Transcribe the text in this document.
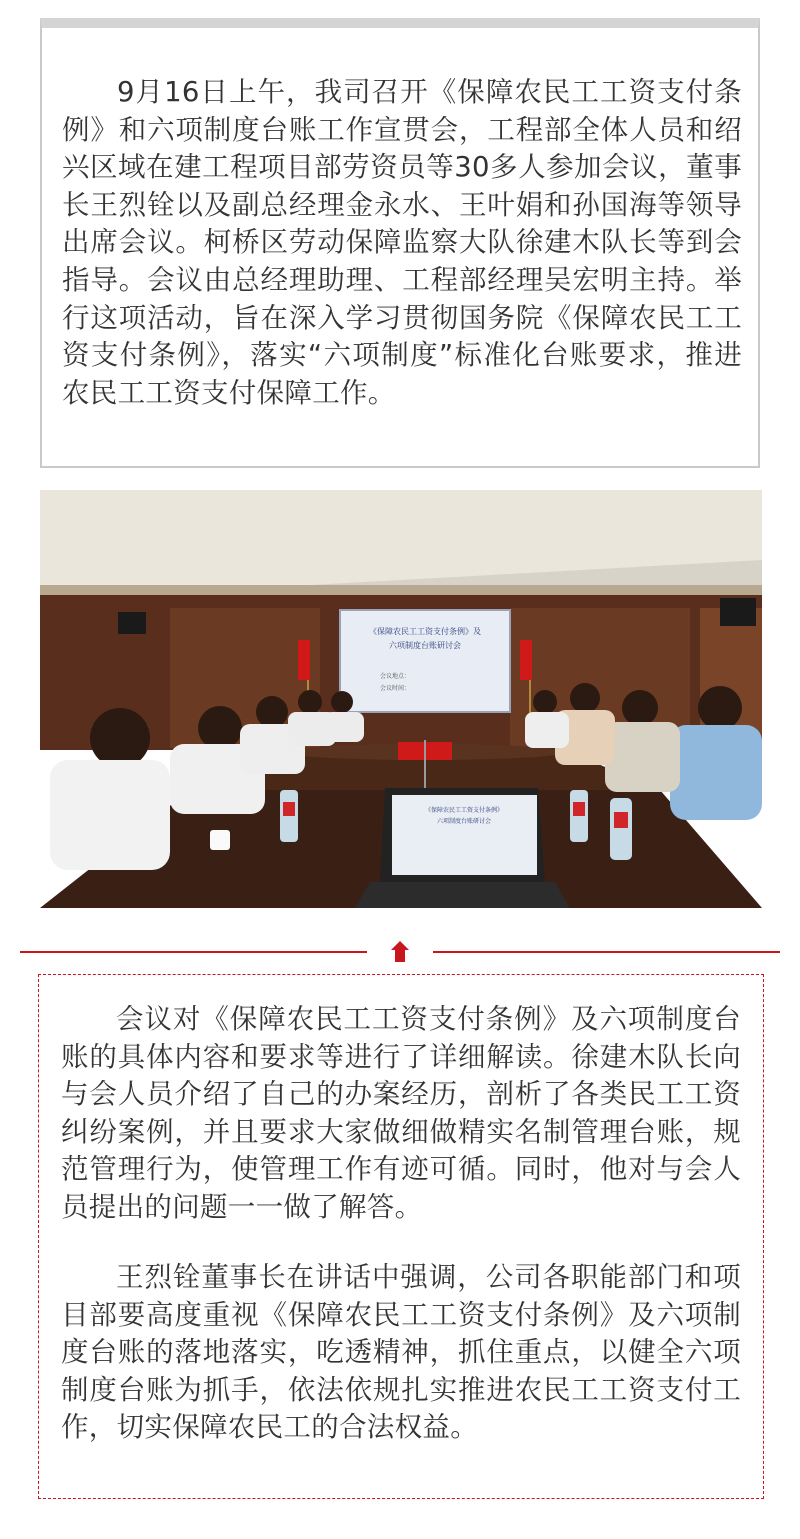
9月16日上午，我司召开《保障农民工工资支付条例》和六项制度台账工作宣贯会，工程部全体人员和绍兴区域在建工程项目部劳资员等30多人参加会议，董事长王烈铨以及副总经理金永水、王叶娟和孙国海等领导出席会议。柯桥区劳动保障监察大队徐建木队长等到会指导。会议由总经理助理、工程部经理吴宏明主持。举行这项活动，旨在深入学习贯彻国务院《保障农民工工资支付条例》，落实“六项制度”标准化台账要求，推进农民工工资支付保障工作。

《保障农民工工资支付条例》及
六项制度台账研讨会
会议地点：
会议时间：
《保障农民工工资支付条例》
六项制度台账研讨会

会议对《保障农民工工资支付条例》及六项制度台账的具体内容和要求等进行了详细解读。徐建木队长向与会人员介绍了自己的办案经历，剖析了各类民工工资纠纷案例，并且要求大家做细做精实名制管理台账，规范管理行为，使管理工作有迹可循。同时，他对与会人员提出的问题一一做了解答。

王烈铨董事长在讲话中强调，公司各职能部门和项目部要高度重视《保障农民工工资支付条例》及六项制度台账的落地落实，吃透精神，抓住重点，以健全六项制度台账为抓手，依法依规扎实推进农民工工资支付工作，切实保障农民工的合法权益。
